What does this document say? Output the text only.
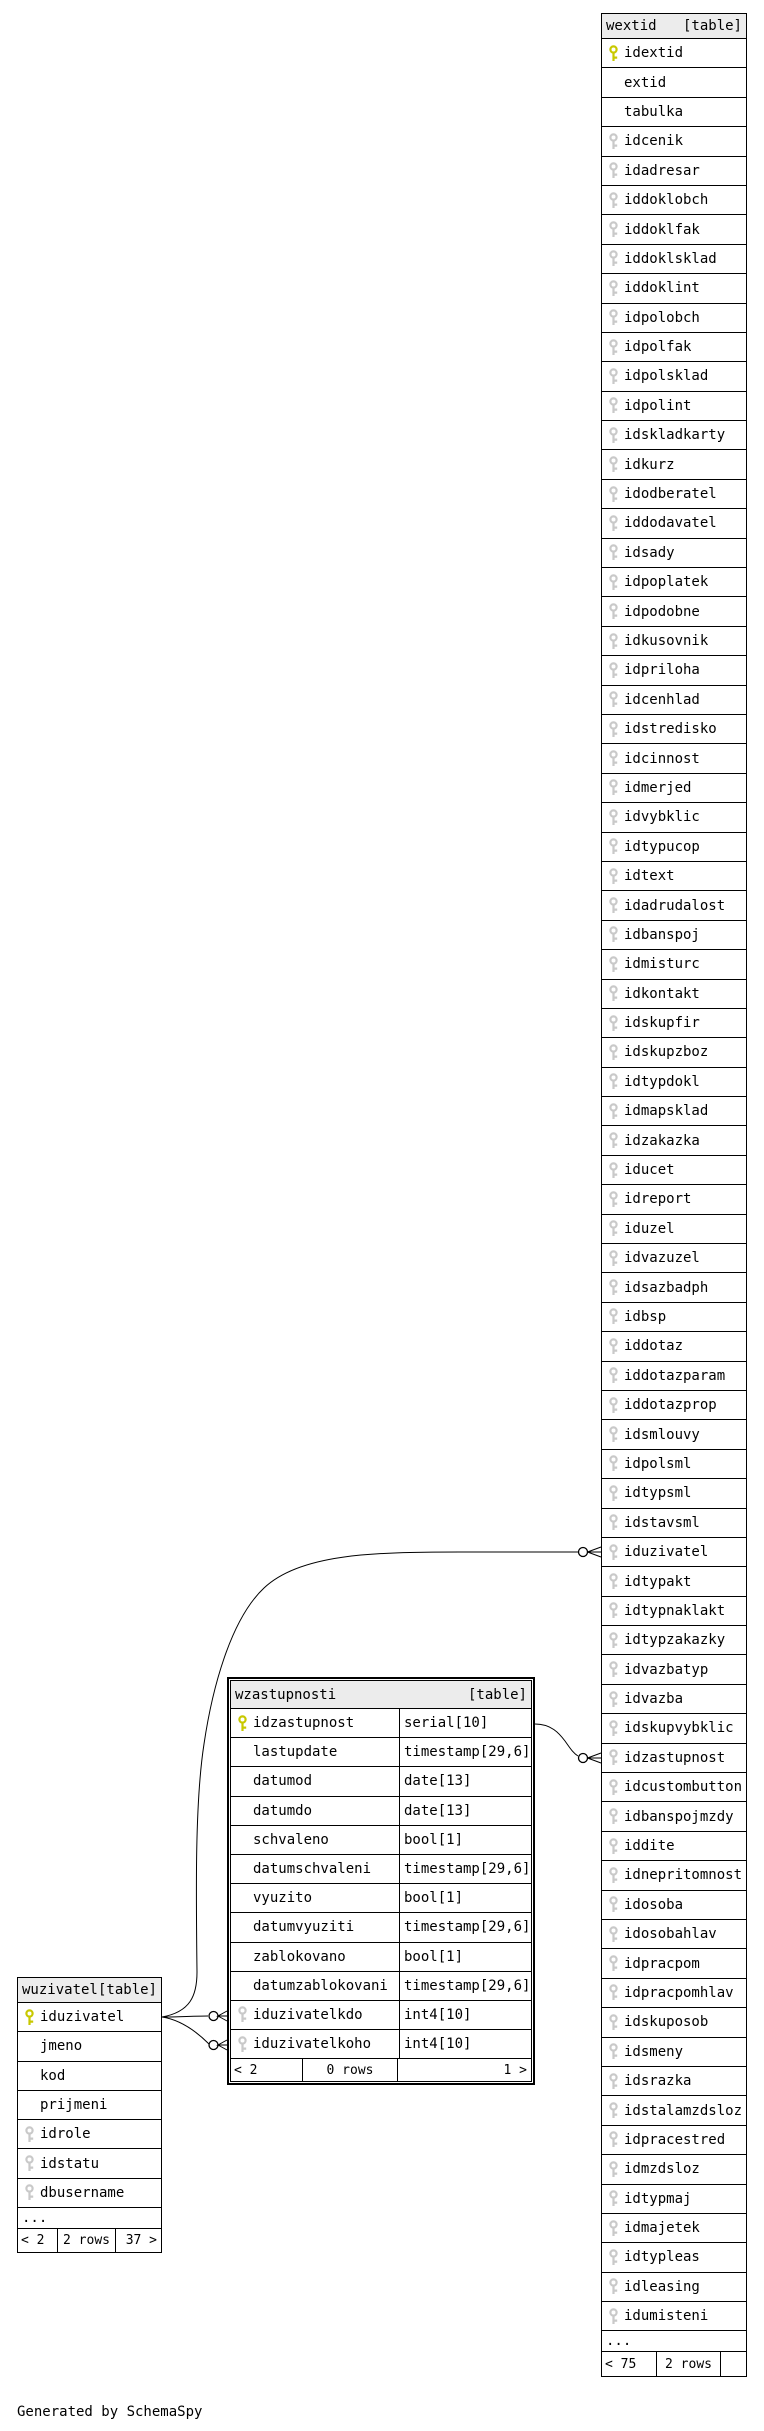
wextid [table]
idextid
extid
tabulka
idcenik
idadresar
iddoklobch
iddoklfak
iddoklsklad
iddoklint
idpolobch
idpolfak
idpolsklad
idpolint
idskladkarty
idkurz
idodberatel
iddodavatel
idsady
idpoplatek
idpodobne
idkusovnik
idpriloha
idcenhlad
idstredisko
idcinnost
idmerjed
idvybklic
idtypucop
idtext
idadrudalost
idbanspoj
idmisturc
idkontakt
idskupfir
idskupzboz
idtypdokl
idmapsklad
idzakazka
iducet
idreport
iduzel
idvazuzel
idsazbadph
idbsp
iddotaz
iddotazparam
iddotazprop
idsmlouvy
idpolsml
idtypsml
idstavsml
iduzivatel
idtypakt
idtypnaklakt
idtypzakazky
idvazbatyp
idvazba
idskupvybklic
idzastupnost
idcustombutton
idbanspojmzdy
iddite
idnepritomnost
idosoba
idosobahlav
idpracpom
idpracpomhlav
idskuposob
idsmeny
idsrazka
idstalamzdsloz
idpracestred
idmzdsloz
idtypmaj
idmajetek
idtypleas
idleasing
idumisteni
...
< 75	2 rows
wzastupnosti	[table]
idzastupnost	serial[10]
lastupdate	timestamp[29,6]
datumod	date[13]
datumdo	date[13]
schvaleno	bool[1]
datumschvaleni	timestamp[29,6]
vyuzito	bool[1]
datumvyuziti	timestamp[29,6]
zablokovano	bool[1]
datumzablokovani	timestamp[29,6]
iduzivatelkdo	int4[10]
iduzivatelkoho	int4[10]
< 2	0 rows	1 >
wuzivatel [table]
iduzivatel
jmeno
kod
prijmeni
idrole
idstatu
dbusername
...
< 2	2 rows	37 >
Generated by SchemaSpy
